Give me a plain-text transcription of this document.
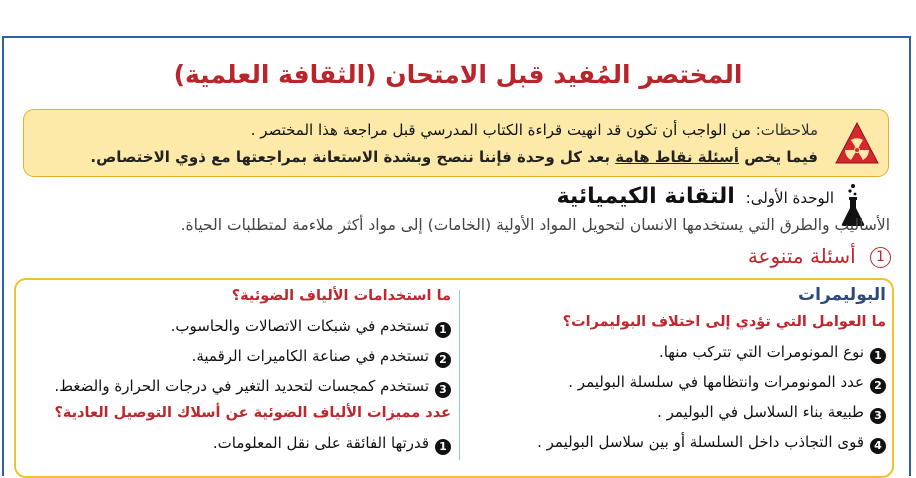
المختصر المُفيد قبل الامتحان (الثقافة العلمية)
ملاحظات: من الواجب أن تكون قد انهيت قراءة الكتاب المدرسي قبل مراجعة هذا المختصر .
فيما يخص أسئلة نقاط هامة بعد كل وحدة فإننا ننصح وبشدة الاستعانة بمراجعتها مع ذوي الاختصاص.
الوحدة الأولى: التقانة الكيميائية
الأساليب والطرق التي يستخدمها الانسان لتحويل المواد الأولية (الخامات) إلى مواد أكثر ملاءمة لمتطلبات الحياة.
1 أسئلة متنوعة
البوليمرات
ما العوامل التي تؤدي إلى اختلاف البوليمرات؟
1نوع المونومرات التي تتركب منها.
2عدد المونومرات وانتظامها في سلسلة البوليمر .
3طبيعة بناء السلاسل في البوليمر .
4قوى التجاذب داخل السلسلة أو بين سلاسل البوليمر .
ما استخدامات الألياف الضوئية؟
1تستخدم في شبكات الاتصالات والحاسوب.
2تستخدم في صناعة الكاميرات الرقمية.
3تستخدم كمجسات لتحديد التغير في درجات الحرارة والضغط.
عدد مميزات الألياف الضوئية عن أسلاك التوصيل العادية؟
1قدرتها الفائقة على نقل المعلومات.
